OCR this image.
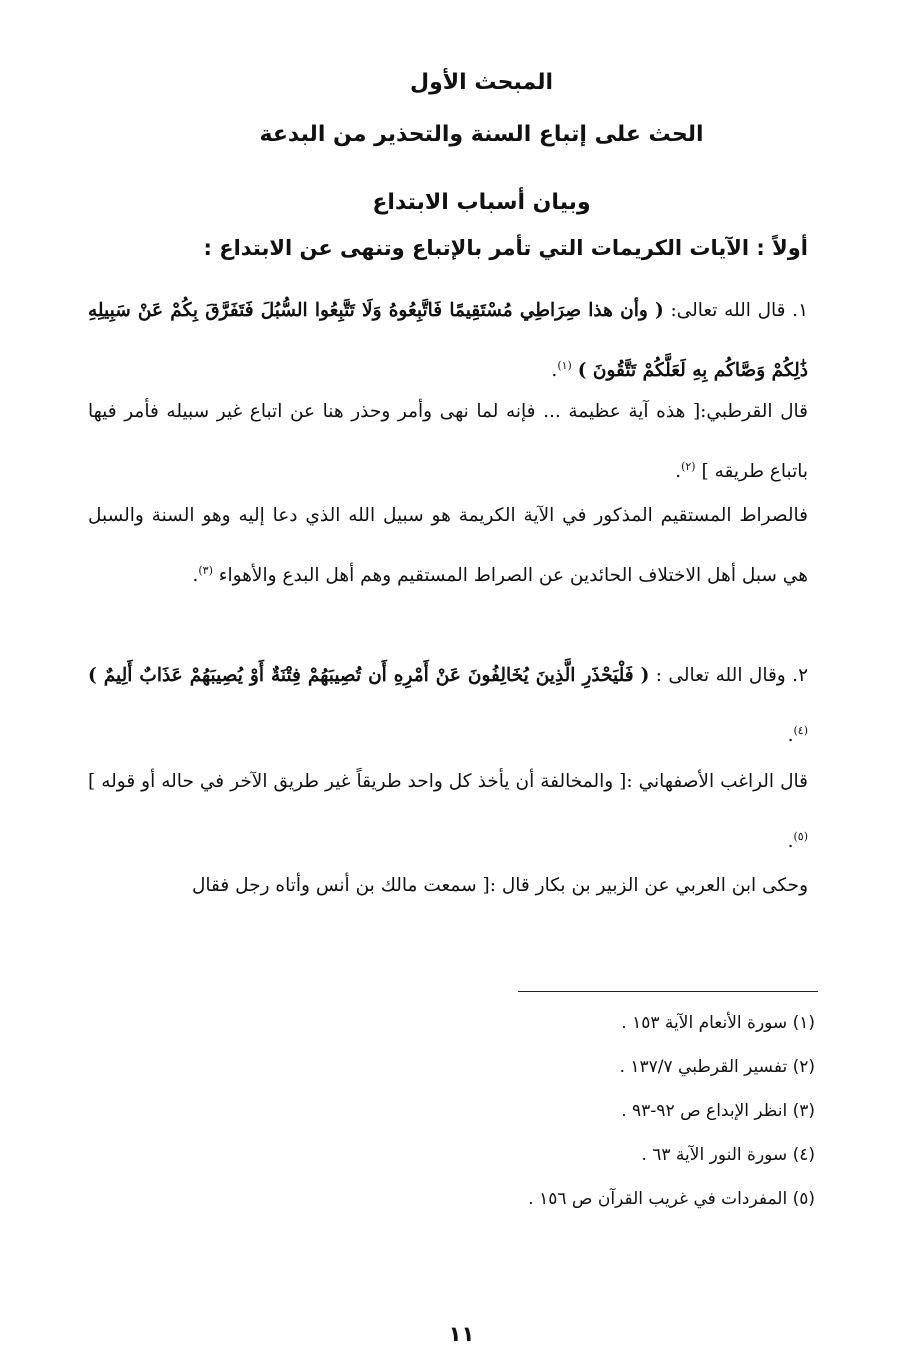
المبحث الأول
الحث على إتباع السنة والتحذير من البدعة
وبيان أسباب الابتداع
أولاً : الآيات الكريمات التي تأمر بالإتباع وتنهى عن الابتداع :
١. قال الله تعالى: ( وأن هذا صِرَاطِي مُسْتَقِيمًا فَاتَّبِعُوهُ وَلَا تَتَّبِعُوا السُّبُلَ فَتَفَرَّقَ بِكُمْ عَنْ سَبِيلِهِ ذَٰلِكُمْ وَصَّاكُم بِهِ لَعَلَّكُمْ تَتَّقُونَ ) $^{(١)}$.
قال القرطبي:[ هذه آية عظيمة ... فإنه لما نهى وأمر وحذر هنا عن اتباع غير سبيله فأمر فيها باتباع طريقه ] $^{(٢)}$.
فالصراط المستقيم المذكور في الآية الكريمة هو سبيل الله الذي دعا إليه وهو السنة والسبل هي سبل أهل الاختلاف الحائدين عن الصراط المستقيم وهم أهل البدع والأهواء $^{(٣)}$.
٢. وقال الله تعالى : ( فَلْيَحْذَرِ الَّذِينَ يُخَالِفُونَ عَنْ أَمْرِهِ أَن تُصِيبَهُمْ فِتْنَةٌ أَوْ يُصِيبَهُمْ عَذَابٌ أَلِيمٌ ) $^{(٤)}$.
قال الراغب الأصفهاني :[ والمخالفة أن يأخذ كل واحد طريقاً غير طريق الآخر في حاله أو قوله ] $^{(٥)}$.
وحكى ابن العربي عن الزبير بن بكار قال :[ سمعت مالك بن أنس وأتاه رجل فقال
(١) سورة الأنعام الآية ١٥٣ .
(٢) تفسير القرطبي ١٣٧/٧ .
(٣) انظر الإبداع ص ٩٢-٩٣ .
(٤) سورة النور الآية ٦٣ .
(٥) المفردات في غريب القرآن ص ١٥٦ .
١١
